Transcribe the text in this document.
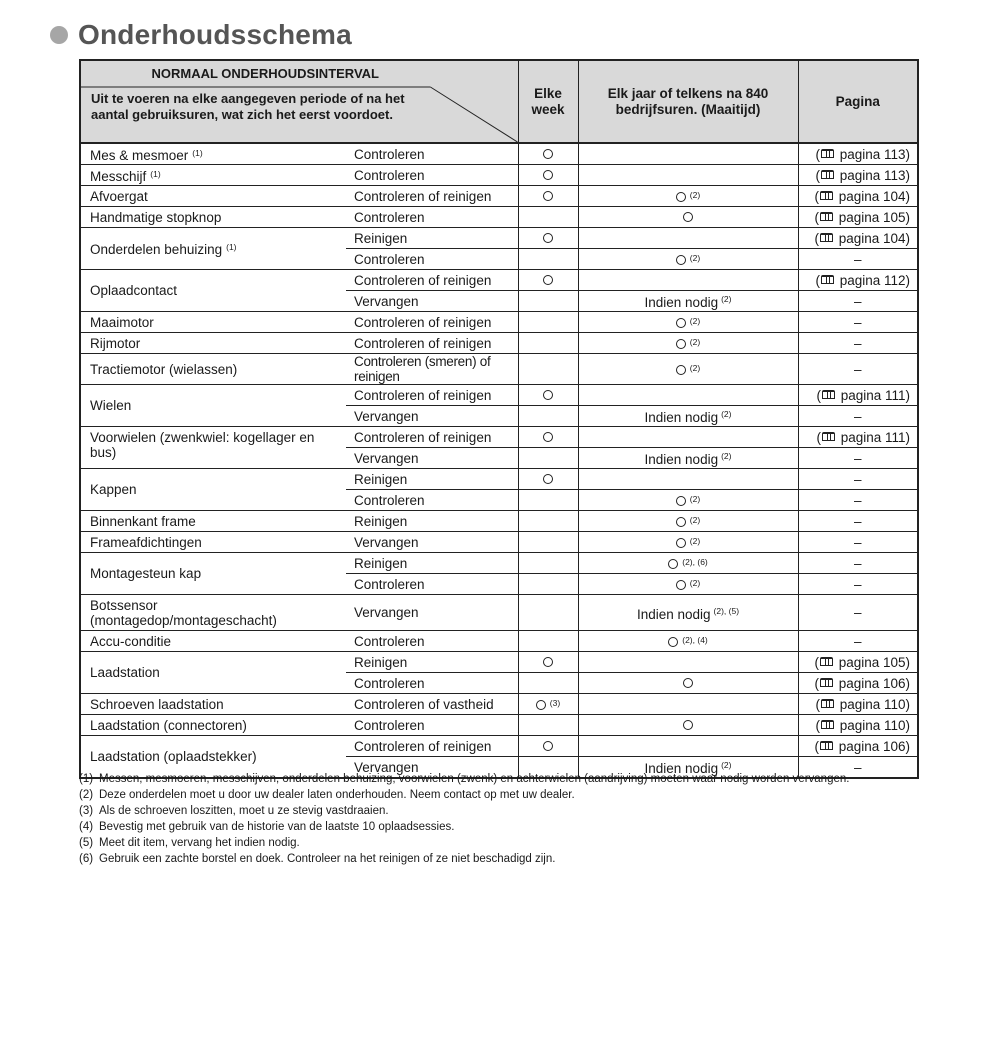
Onderhoudsschema
NORMAAL ONDERHOUDSINTERVAL
Uit te voeren na elke aangegeven periode of na het aantal gebruiksuren, wat zich het eerst voordoet.		Elke week	Elk jaar of telkens na 840 bedrijfsuren. (Maaitijd)	Pagina
Mes & mesmoer $^{(1)}$	Controleren			( pagina 113)
Messchijf $^{(1)}$	Controleren			( pagina 113)
Afvoergat	Controleren of reinigen		$^{(2)}$	( pagina 104)
Handmatige stopknop	Controleren			( pagina 105)
Onderdelen behuizing $^{(1)}$	Reinigen			( pagina 104)
	Controleren		$^{(2)}$	–
Oplaadcontact	Controleren of reinigen			( pagina 112)
	Vervangen		Indien nodig $^{(2)}$	–
Maaimotor	Controleren of reinigen		$^{(2)}$	–
Rijmotor	Controleren of reinigen		$^{(2)}$	–
Tractiemotor (wielassen)	Controleren (smeren) of reinigen		$^{(2)}$	–
Wielen	Controleren of reinigen			( pagina 111)
	Vervangen		Indien nodig $^{(2)}$	–
Voorwielen (zwenkwiel: kogellager en bus)	Controleren of reinigen			( pagina 111)
	Vervangen		Indien nodig $^{(2)}$	–
Kappen	Reinigen			–
	Controleren		$^{(2)}$	–
Binnenkant frame	Reinigen		$^{(2)}$	–
Frameafdichtingen	Vervangen		$^{(2)}$	–
Montagesteun kap	Reinigen		$^{(2), (6)}$	–
	Controleren		$^{(2)}$	–
Botssensor (montagedop/montageschacht)	Vervangen		Indien nodig $^{(2), (5)}$	–
Accu-conditie	Controleren		$^{(2), (4)}$	–
Laadstation	Reinigen			( pagina 105)
	Controleren			( pagina 106)
Schroeven laadstation	Controleren of vastheid	$^{(3)}$		( pagina 110)
Laadstation (connectoren)	Controleren			( pagina 110)
Laadstation (oplaadstekker)	Controleren of reinigen			( pagina 106)
	Vervangen		Indien nodig $^{(2)}$	–
(1) Messen, mesmoeren, messchijven, onderdelen behuizing, voorwielen (zwenk) en achterwielen (aandrijving) moeten waar nodig worden vervangen.
(2) Deze onderdelen moet u door uw dealer laten onderhouden. Neem contact op met uw dealer.
(3) Als de schroeven loszitten, moet u ze stevig vastdraaien.
(4) Bevestig met gebruik van de historie van de laatste 10 oplaadsessies.
(5) Meet dit item, vervang het indien nodig.
(6) Gebruik een zachte borstel en doek. Controleer na het reinigen of ze niet beschadigd zijn.
